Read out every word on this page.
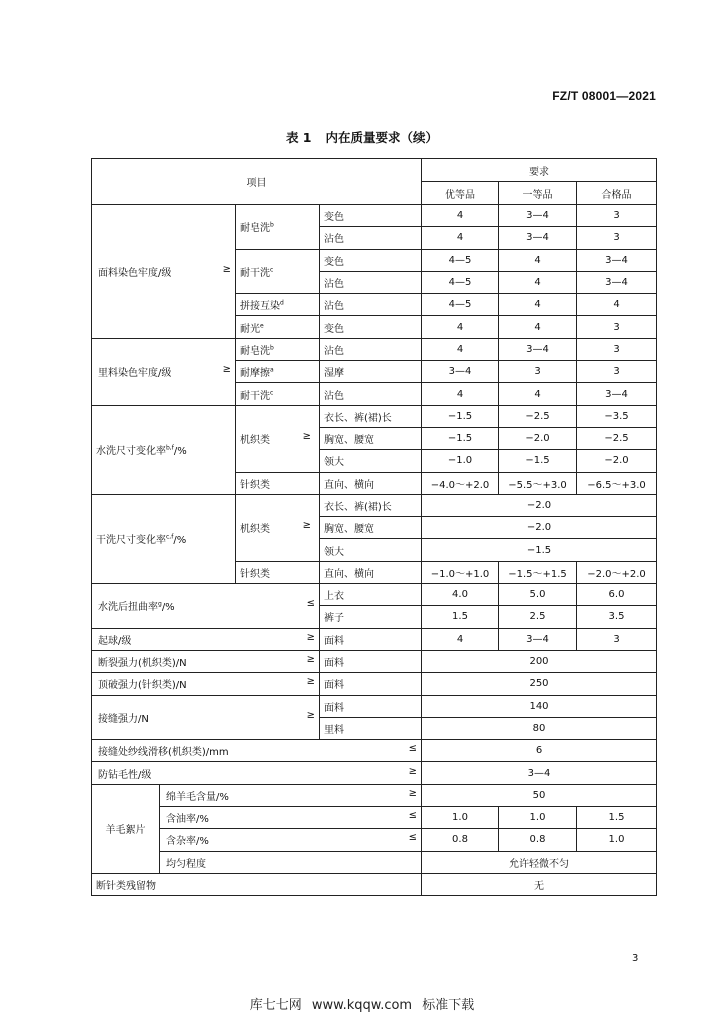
FZ/T 08001—2021
表 1 内在质量要求（续）
项目				要求		
				优等品	一等品	合格品

面料染色牢度/级 ≥		耐皂洗$^b$	变色	4	3—4	3
			沾色	4	3—4	3
		耐干洗$^c$	变色	4—5	4	3—4
			沾色	4—5	4	3—4
		拼接互染$^d$	沾色	4—5	4	4
		耐光$^e$	变色	4	4	3

里料染色牢度/级 ≥		耐皂洗$^b$	沾色	4	3—4	3
		耐摩擦$^a$	湿摩	3—4	3	3
		耐干洗$^c$	沾色	4	4	3—4
水洗尺寸变化率$^{b,f}$/%		机织类 ≥	衣长、裤(裙)长	−1.5	−2.5	−3.5
			胸宽、腰宽	−1.5	−2.0	−2.5
			领大	−1.0	−1.5	−2.0
		针织类	直向、横向	−4.0～+2.0	−5.5～+3.0	−6.5～+3.0
干洗尺寸变化率$^{c,f}$/%		机织类 ≥	衣长、裤(裙)长	−2.0		
			胸宽、腰宽	−2.0		
			领大	−1.5		
		针织类	直向、横向	−1.0～+1.0	−1.5～+1.5	−2.0～+2.0

水洗后扭曲率$^g$/% ≤			上衣	4.0	5.0	6.0
			裤子	1.5	2.5	3.5

起球/级 ≥			面料	4	3—4	3

断裂强力(机织类)/N ≥			面料	200		

顶破强力(针织类)/N ≥			面料	250		

接缝强力/N ≥			面料	140		
			里料	80		

接缝处纱线滑移(机织类)/mm ≤				6		

防钻毛性/级 ≥				3—4		
羊毛絮片	绵羊毛含量/% ≥			50		

	含油率/% ≤			1.0	1.0	1.5

	含杂率/% ≤			0.8	0.8	1.0
	均匀程度			允许轻微不匀		
断针类残留物				无		
3
库七七网 www.kqqw.com 标准下载
